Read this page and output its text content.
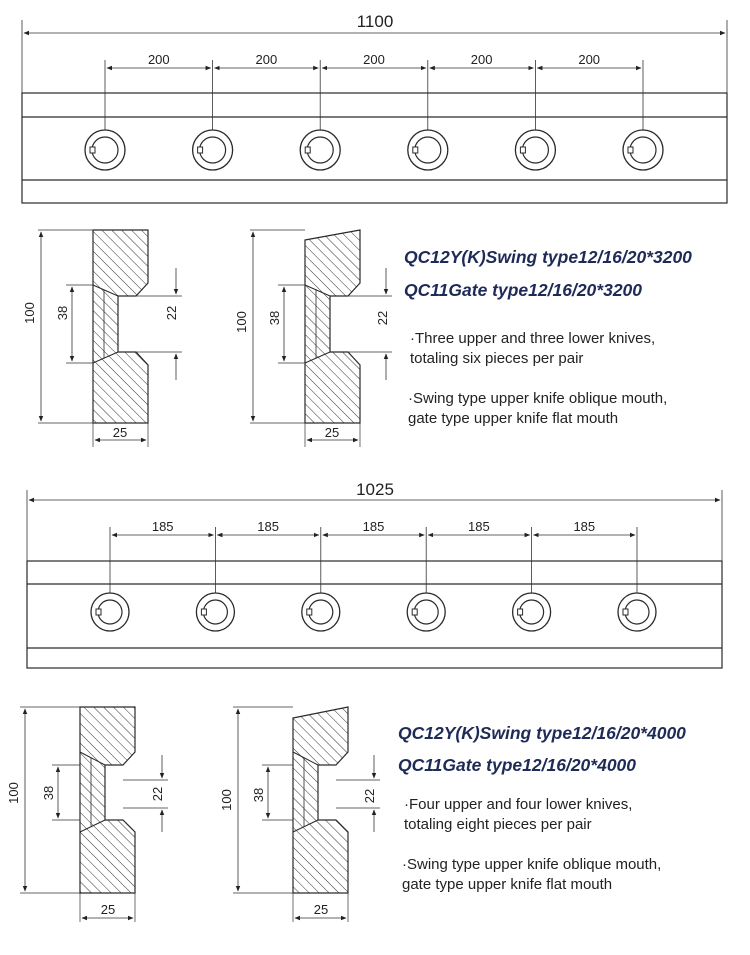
1100
200	200	200	200	200
100 38	22
25
100 38	22
25
1025
185	185	185	185	185
100 38	22
25
100 38	22
25
QC12Y(K)Swing type12/16/20*3200
QC11Gate type12/16/20*3200
·Three upper and three lower knives,
totaling six pieces per pair
·Swing type upper knife oblique mouth,
gate type upper knife flat mouth
QC12Y(K)Swing type12/16/20*4000
QC11Gate type12/16/20*4000
·Four upper and four lower knives,
totaling eight pieces per pair
·Swing type upper knife oblique mouth,
gate type upper knife flat mouth
